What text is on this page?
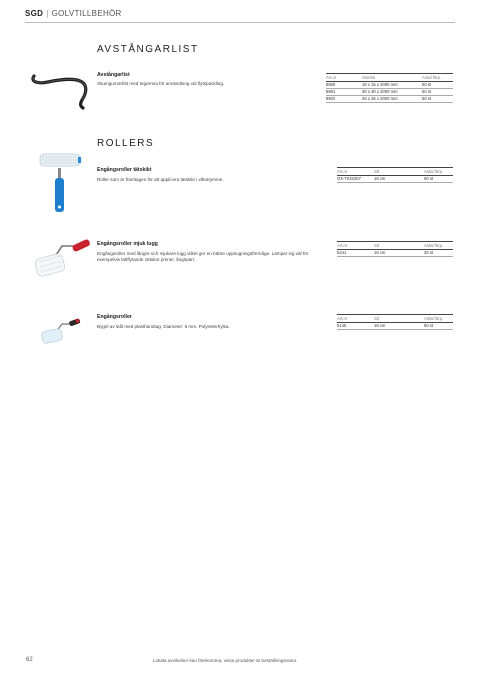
SGD | GOLVTILLBEHÖR
AVSTÅNGARLIST
Avstångarlist
Skumgummilist med tegrenna för användning vid flytspackling.
Art.nr	Storlek	Antal förp.
8900	15 x 15 x 2000 mm	50 st
8901	30 x 30 x 2000 mm	50 st
8902	45 x 45 x 2000 mm	50 st
ROLLERS
Engångsroller tätskikt
Roller som är framtagen för att applicera tätskikt i våtutrymme.
Art.nr	Stl	Antal förp.
OX-T042307	18 cm	50 st
Engångsroller mjuk lugg
Engångsroller med långre och mjukare lugg vilket ger en bättre uppsugningsförmåga. Lämpar sig väl för exempelvis lättflytande vätskor primer, ångspärr.
Art.nr	Stl	Antal förp.
5241	18 cm	25 st
Engångsroller
Bygel av stål med plasthandtag. Diameter: 6 mm. Polyesterhylsa.
Art.nr	Stl	Antal förp.
5145	18 cm	50 st
62	Lokala avvikelser kan förekomma, vissa produkter är beställningsvaror.
